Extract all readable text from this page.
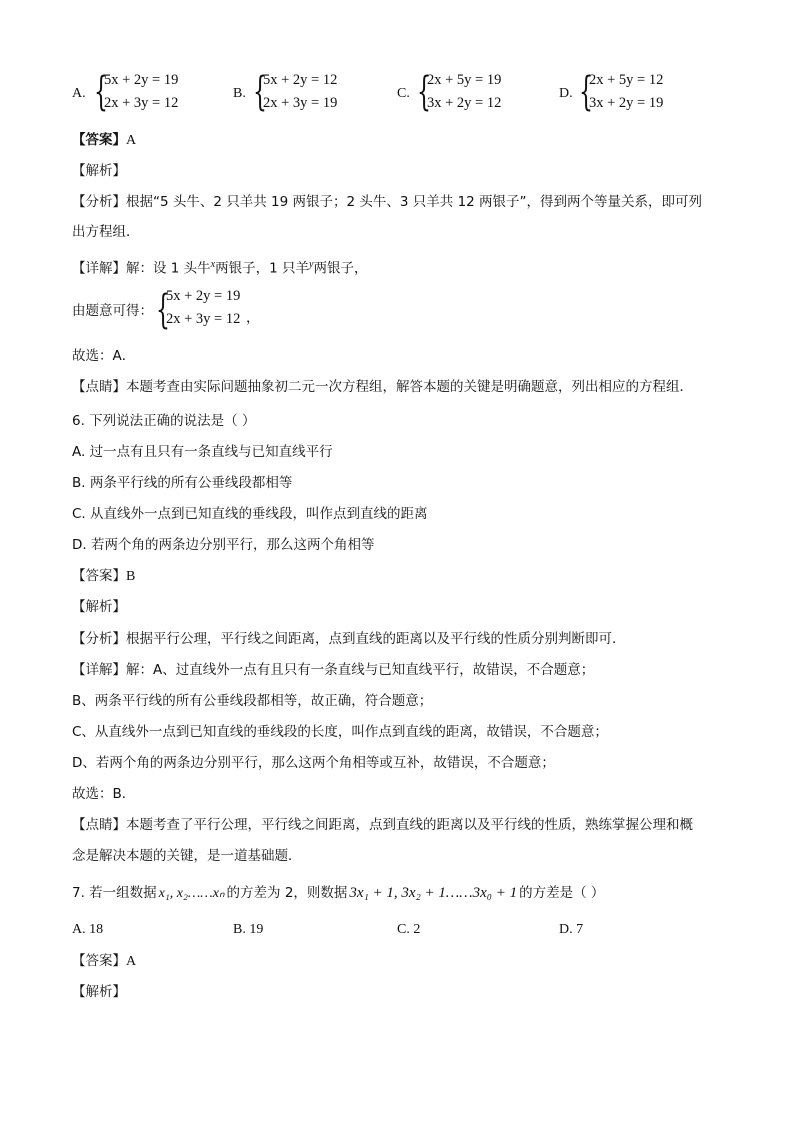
A. {
5x + 2y = 19
2x + 3y = 12
B. {
5x + 2y = 12
2x + 3y = 19
C. {
2x + 5y = 19
3x + 2y = 12
D. {
2x + 5y = 12
3x + 2y = 19
【答案】A
【解析】
【分析】根据“5 头牛、2 只羊共 19 两银子；2 头牛、3 只羊共 12 两银子”，得到两个等量关系，即可列
出方程组．
【详解】解：设 1 头牛$^x$两银子，1 只羊$^y$两银子，
由题意可得： {
5x + 2y = 19
2x + 3y = 12 ，
故选：A．
【点睛】本题考查由实际问题抽象初二元一次方程组，解答本题的关键是明确题意，列出相应的方程组．
6. 下列说法正确的说法是（ ）
A. 过一点有且只有一条直线与已知直线平行
B. 两条平行线的所有公垂线段都相等
C. 从直线外一点到已知直线的垂线段，叫作点到直线的距离
D. 若两个角的两条边分别平行，那么这两个角相等
【答案】B
【解析】
【分析】根据平行公理，平行线之间距离，点到直线的距离以及平行线的性质分别判断即可．
【详解】解：A、过直线外一点有且只有一条直线与已知直线平行，故错误，不合题意；
B、两条平行线的所有公垂线段都相等，故正确，符合题意；
C、从直线外一点到已知直线的垂线段的长度，叫作点到直线的距离，故错误，不合题意；
D、若两个角的两条边分别平行，那么这两个角相等或互补，故错误，不合题意；
故选：B．
【点睛】本题考查了平行公理，平行线之间距离，点到直线的距离以及平行线的性质，熟练掌握公理和概
念是解决本题的关键，是一道基础题．
7. 若一组数据 x₁, x₂……xₙ 的方差为 2，则数据 3x₁ + 1, 3x₂ + 1……3x₀ + 1 的方差是（ ）
A. 18	B. 19	C. 2	D. 7
【答案】A
【解析】
